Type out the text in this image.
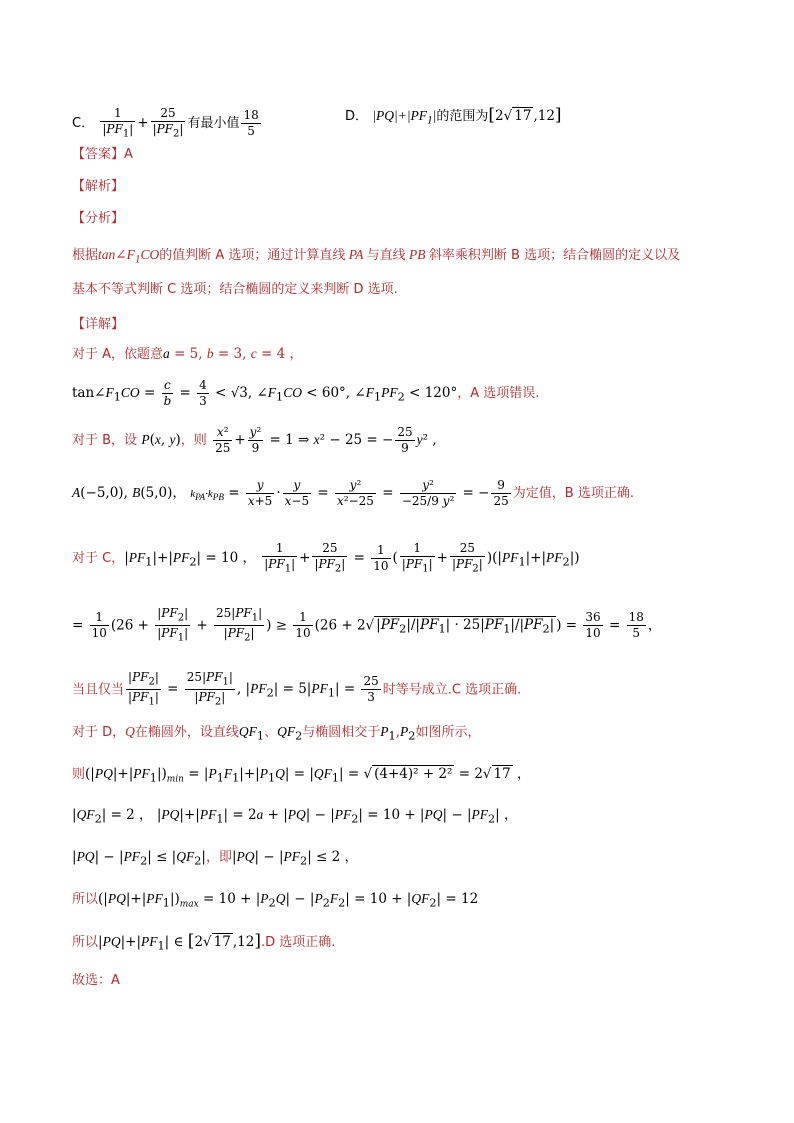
C． $\frac{1}{|PF_1|} + \frac{25}{|PF_2|}$ 有最小值 $\frac{18}{5}$	D． $|PQ|+|PF_1|$的范围为[2√ 17 ,12]
【答案】A
【解析】
【分析】
根据$\tan\angle F_1CO$的值判断 A 选项；通过计算直线 PA 与直线 PB 斜率乘积判断 B 选项；结合椭圆的定义以及
基本不等式判断 C 选项；结合椭圆的定义来判断 D 选项.
【详解】
对于 A，依题意a = 5, b = 3, c = 4 ，
$\tan\angle F_1CO = \frac{c}{b} = \frac{4}{3} < √3$, $\angle F_1CO < 60^\circ$, $\angle F_1PF_2 < 120^\circ$，A 选项错误.
对于 B，设 P(x, y)，则 $\frac{\text{x²}}{25} + \frac{\text{y²}}{9} = 1$ ⇒ x² − 25 = − $\frac{25}{9} y^2$ ,
A(−5,0), B(5,0)， $k_{PA}\cdot k_{PB} = \frac{y}{x+5} \cdot \frac{y}{x-5} = \frac{\text{y²}}{\text{x²−25}} = \frac{\text{y²}}{\text{−25/9 y²}}$ = − $\frac{9}{25}$ 为定值，B 选项正确.
对于 C，$|PF_1|+|PF_2| = 10$ ， $\frac{1}{|PF_1|} + \frac{25}{|PF_2|} = \frac{1}{10}$ ( $\frac{1}{|PF_1|} + \frac{25}{|PF_2|} )(|PF_1|+|PF_2|)$
= $\frac{1}{10} (26 + \frac{|PF_2|}{|PF_1|} + \frac{25|PF_1|}{|PF_2|}$ ) ≥ $\frac{1}{10} (26 + 2√$ $|PF_2|/|PF_1| \cdot 25|PF_1|/|PF_2|$ ) = $\frac{36}{10} = \frac{18}{5}$ ，
当且仅当 $\frac{|PF_2|}{|PF_1|} = \frac{25|PF_1|}{|PF_2|}$ , $|PF_2| = 5|PF_1| = \frac{25}{3}$ 时等号成立.C 选项正确.
对于 D，Q在椭圆外，设直线$QF_1$、$QF_2$与椭圆相交于$P_1,P_2$如图所示，
则$(|PQ|+|PF_1|)_{min} = |P_1F_1|+|P_1Q| = |QF_1|$ = √ (4+4)² + 2² = 2√ 17 ，
$|QF_2| = 2$ ， $|PQ|+|PF_1| = 2a + |PQ| - |PF_2| = 10 + |PQ| - |PF_2|$ ，
$|PQ| - |PF_2| \le |QF_2|$，即$|PQ| - |PF_2| \le 2$ ，
所以$(|PQ|+|PF_1|)_{max} = 10 + |P_2Q| - |P_2F_2| = 10 + |QF_2| = 12$
所以$|PQ|+|PF_1|$ ∈ [2√ 17 ,12].D 选项正确.
故选：A
